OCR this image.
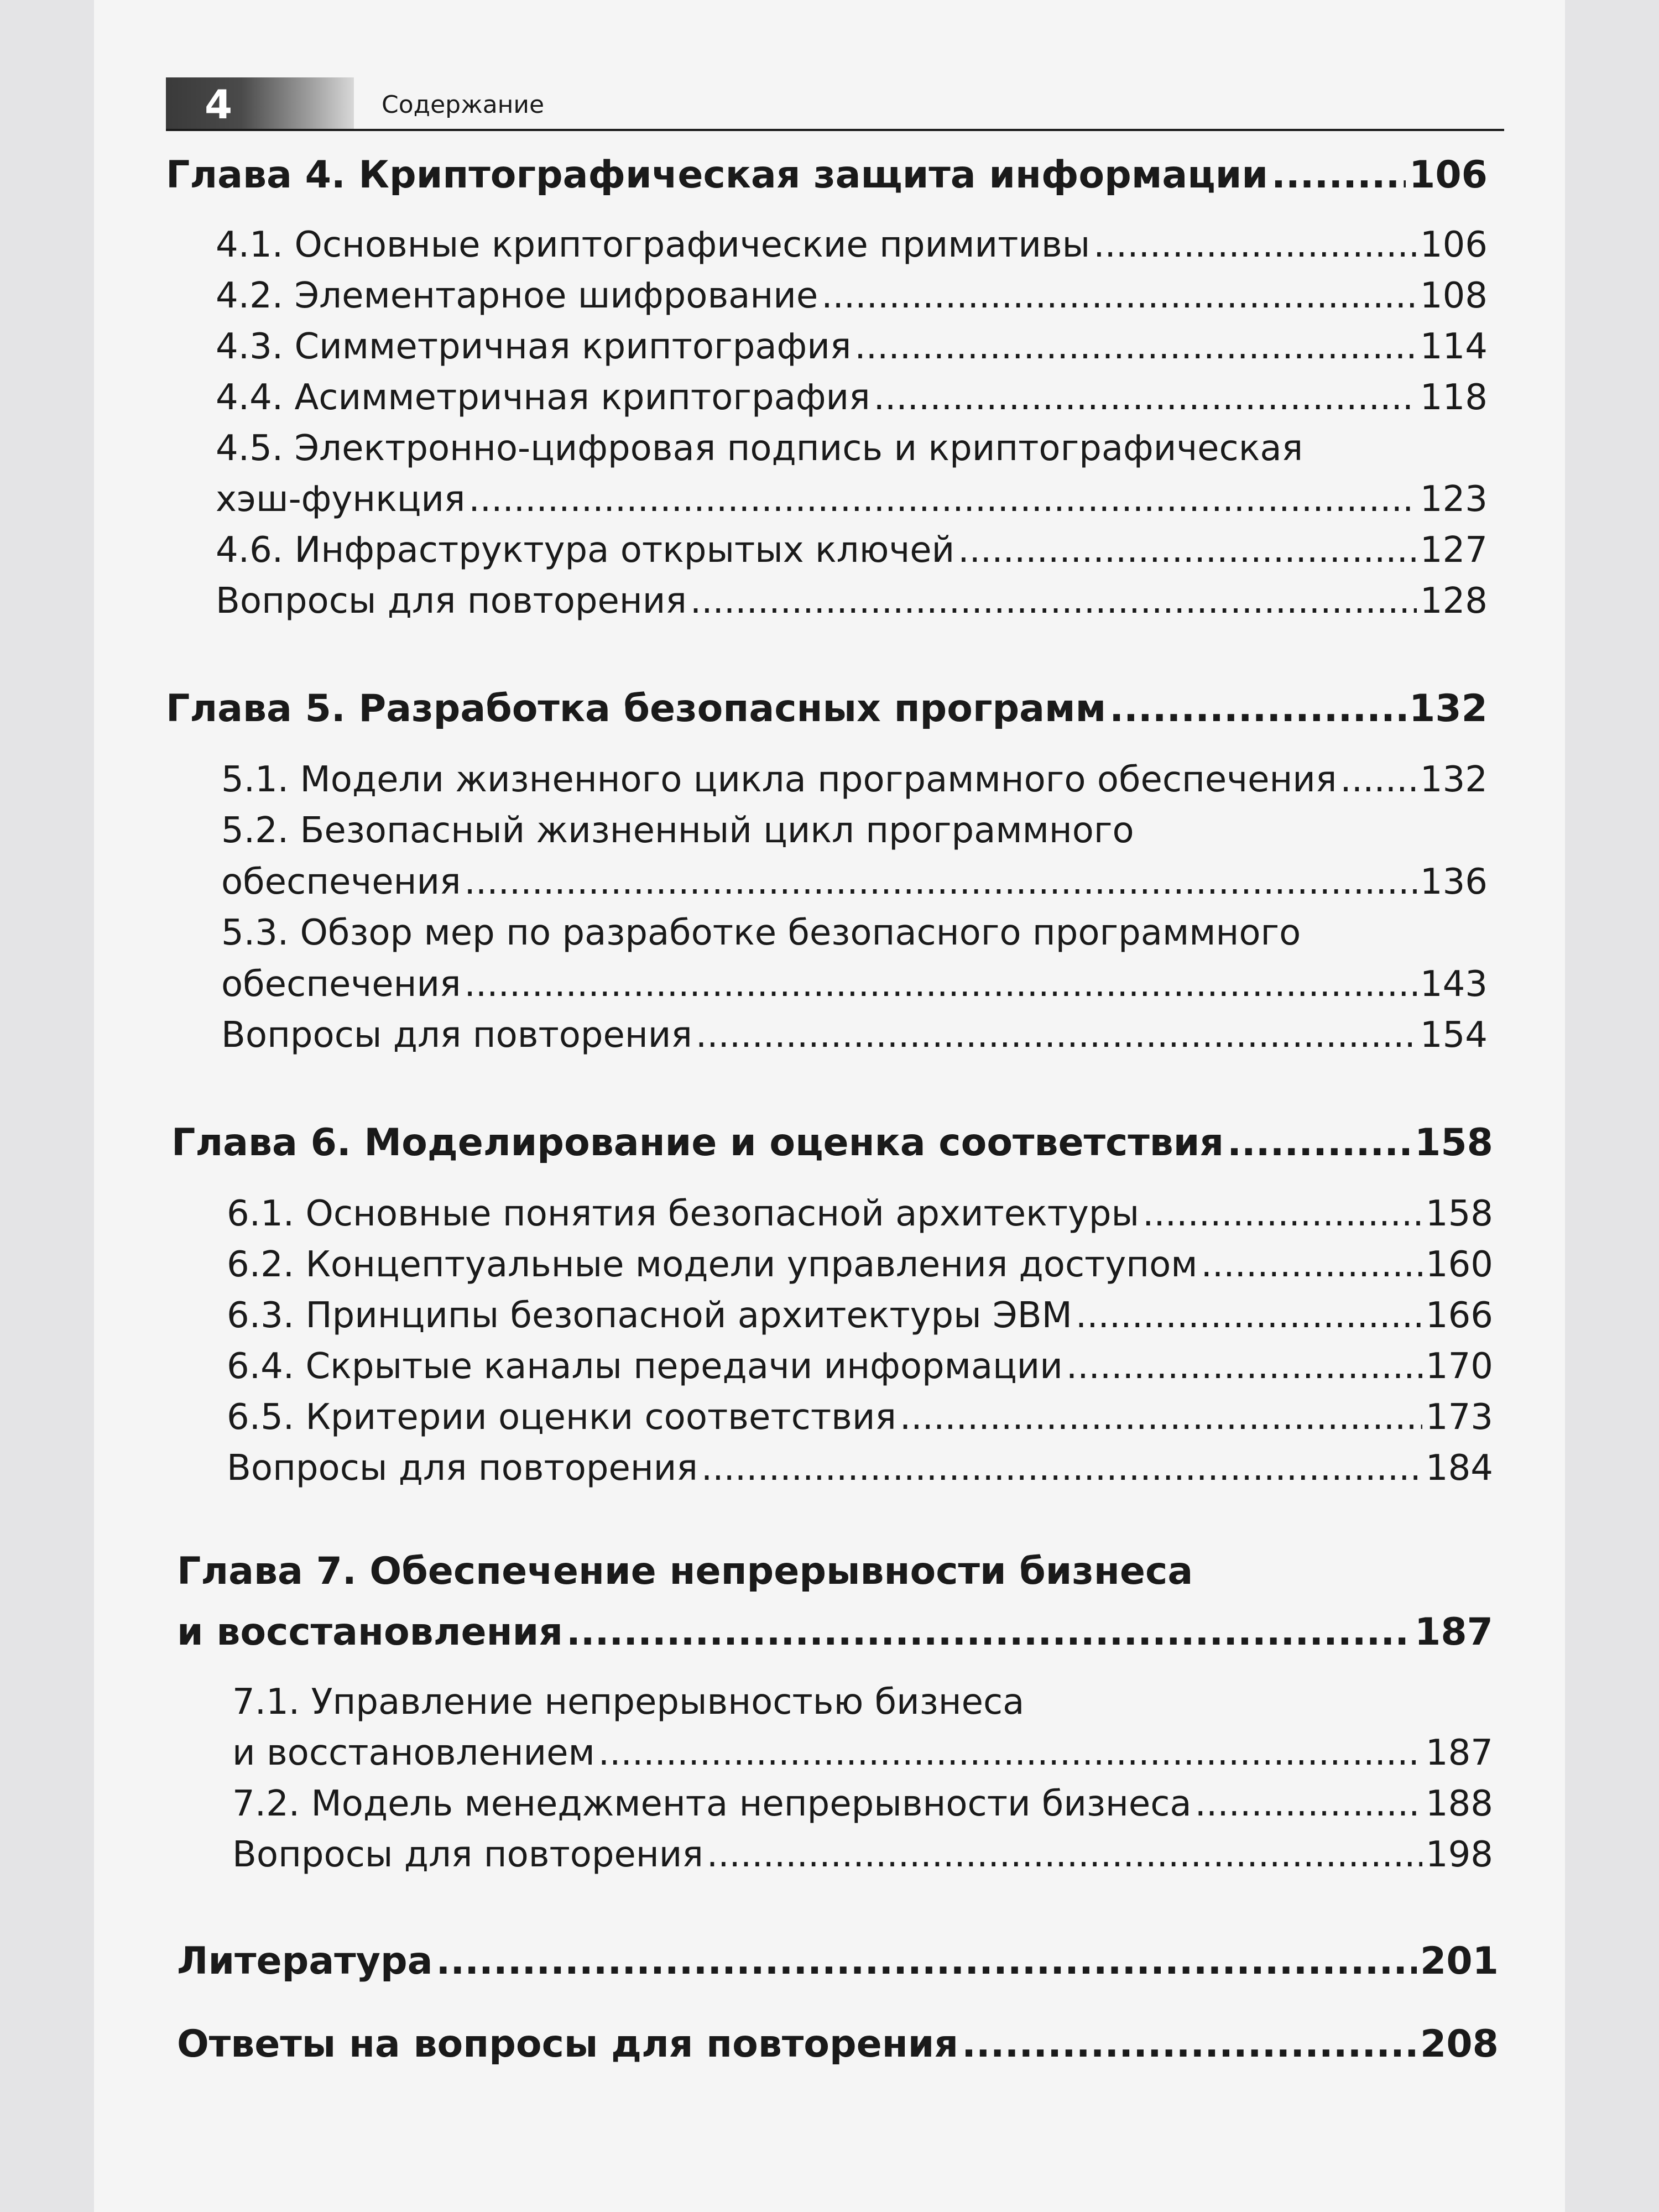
4	Содержание
Глава 4. Криптографическая защита информации .....	106
4.1. Основные криптографические примитивы .....	106
4.2. Элементарное шифрование .....	108
4.3. Симметричная криптография .....	114
4.4. Асимметричная криптография .....	118
4.5. Электронно-цифровая подпись и криптографическая
хэш-функция .....	123
4.6. Инфраструктура открытых ключей .....	127
Вопросы для повторения .....	128
Глава 5. Разработка безопасных программ .....	132
5.1. Модели жизненного цикла программного обеспечения ..... 132
5.2. Безопасный жизненный цикл программного
обеспечения .....	136
5.3. Обзор мер по разработке безопасного программного
обеспечения .....	143
Вопросы для повторения .....	154
Глава 6. Моделирование и оценка соответствия .....	158
6.1. Основные понятия безопасной архитектуры .....	158
6.2. Концептуальные модели управления доступом .....	160
6.3. Принципы безопасной архитектуры ЭВМ .....	166
6.4. Скрытые каналы передачи информации .....	170
6.5. Критерии оценки соответствия .....	173
Вопросы для повторения .....	184
Глава 7. Обеспечение непрерывности бизнеса
и восстановления .....	187
7.1. Управление непрерывностью бизнеса
и восстановлением .....	187
7.2. Модель менеджмента непрерывности бизнеса .....	188
Вопросы для повторения .....	198
Литература .....	201
Ответы на вопросы для повторения .....	208
